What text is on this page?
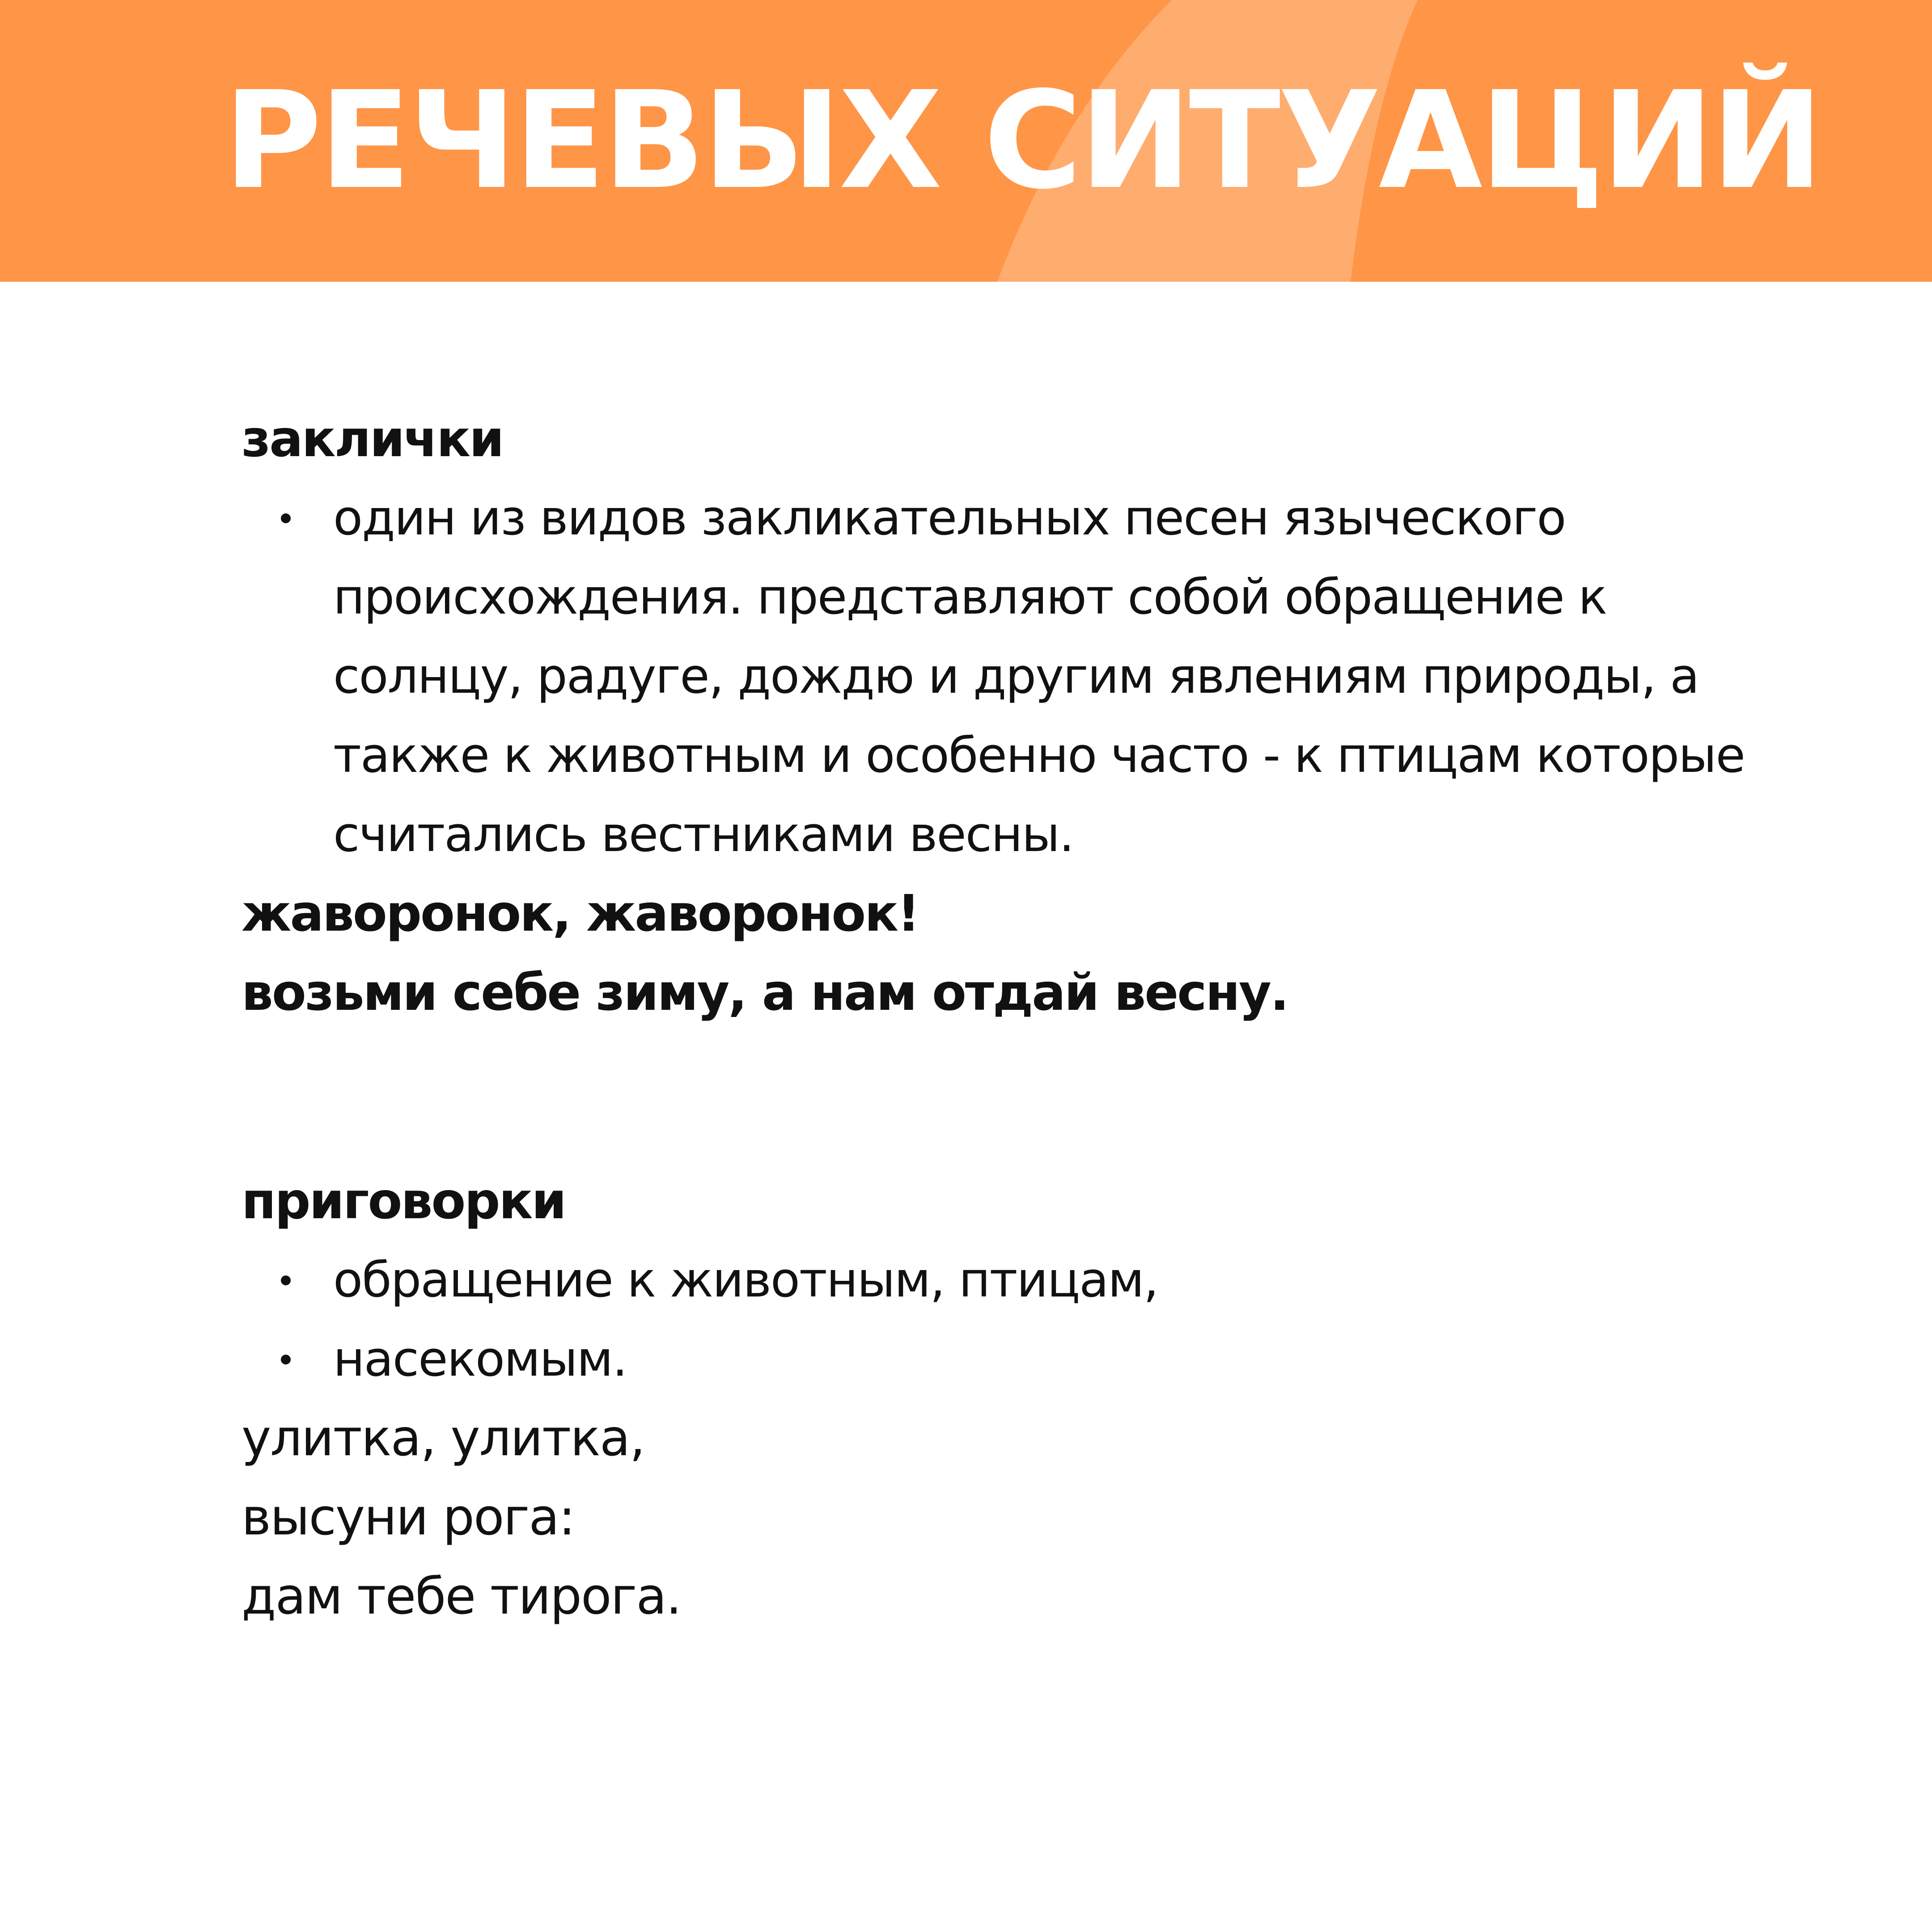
РЕЧЕВЫХ СИТУАЦИЙ
заклички
один из видов закликательных песен языческого происхождения. представляют собой обращение к солнцу, радуге, дождю и другим явлениям природы, а также к животным и особенно часто - к птицам которые считались вестниками весны.

жаворонок, жаворонок!

возьми себе зиму, а нам отдай весну.

приговорки
обращение к животным, птицам,
насекомым.

улитка, улитка,

высуни рога:

дам тебе тирога.
